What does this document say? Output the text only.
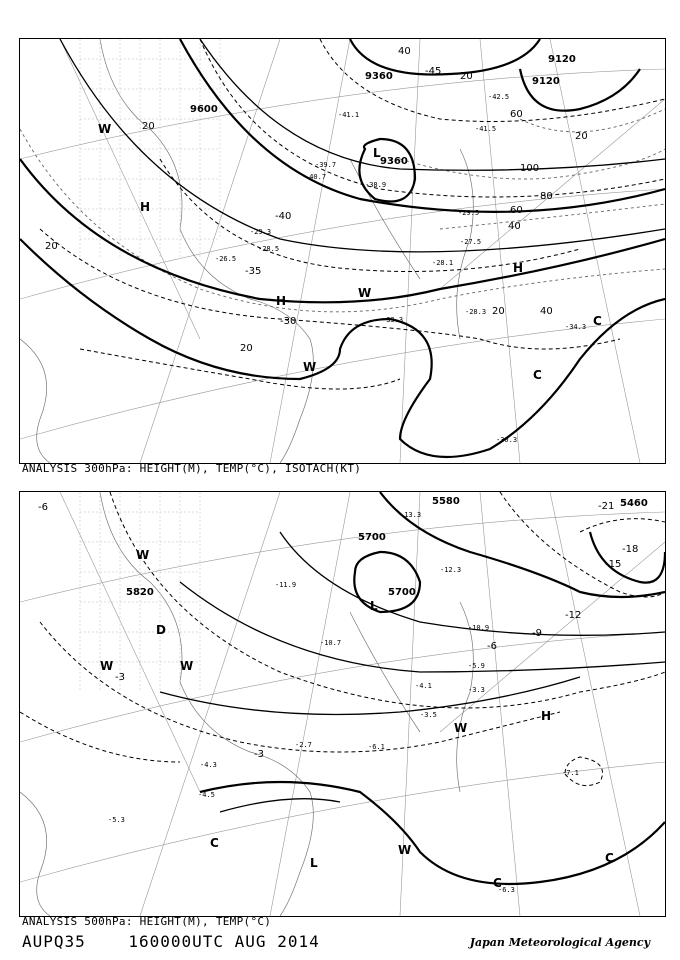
9120
9360
9600
9360
9120
20
40
60
80
100
20
40
60
20	40
20
20
20
-45
-40
-35
-30
L
H
H
H
W
W
W
C
C
-41.1
-39.7
-38.9
-29.3
-28.5
-26.5
-29.5
-27.5
-28.1
-33.3
-30.3
-34.3
-28.3
-42.5
-41.5
-40.7
ANALYSIS 300hPa: HEIGHT(M), TEMP(°C), ISOTACH(KT)
5580	5460
5700
5820	5700
-3
-6
-9
-12
-15
-18
-21
-3
-6
L
L
H
D
W
W	W
W
W
C
C
C
-13.3
-11.9
-10.7
-12.3
-10.9
-5.9
-4.1	-3.3
-6.1
-7.1
-6.3
-5.3
-4.5
-4.3
-3.5
-2.7
ANALYSIS 500hPa: HEIGHT(M), TEMP(°C)
AUPQ35	160000UTC AUG 2014	Japan Meteorological Agency
